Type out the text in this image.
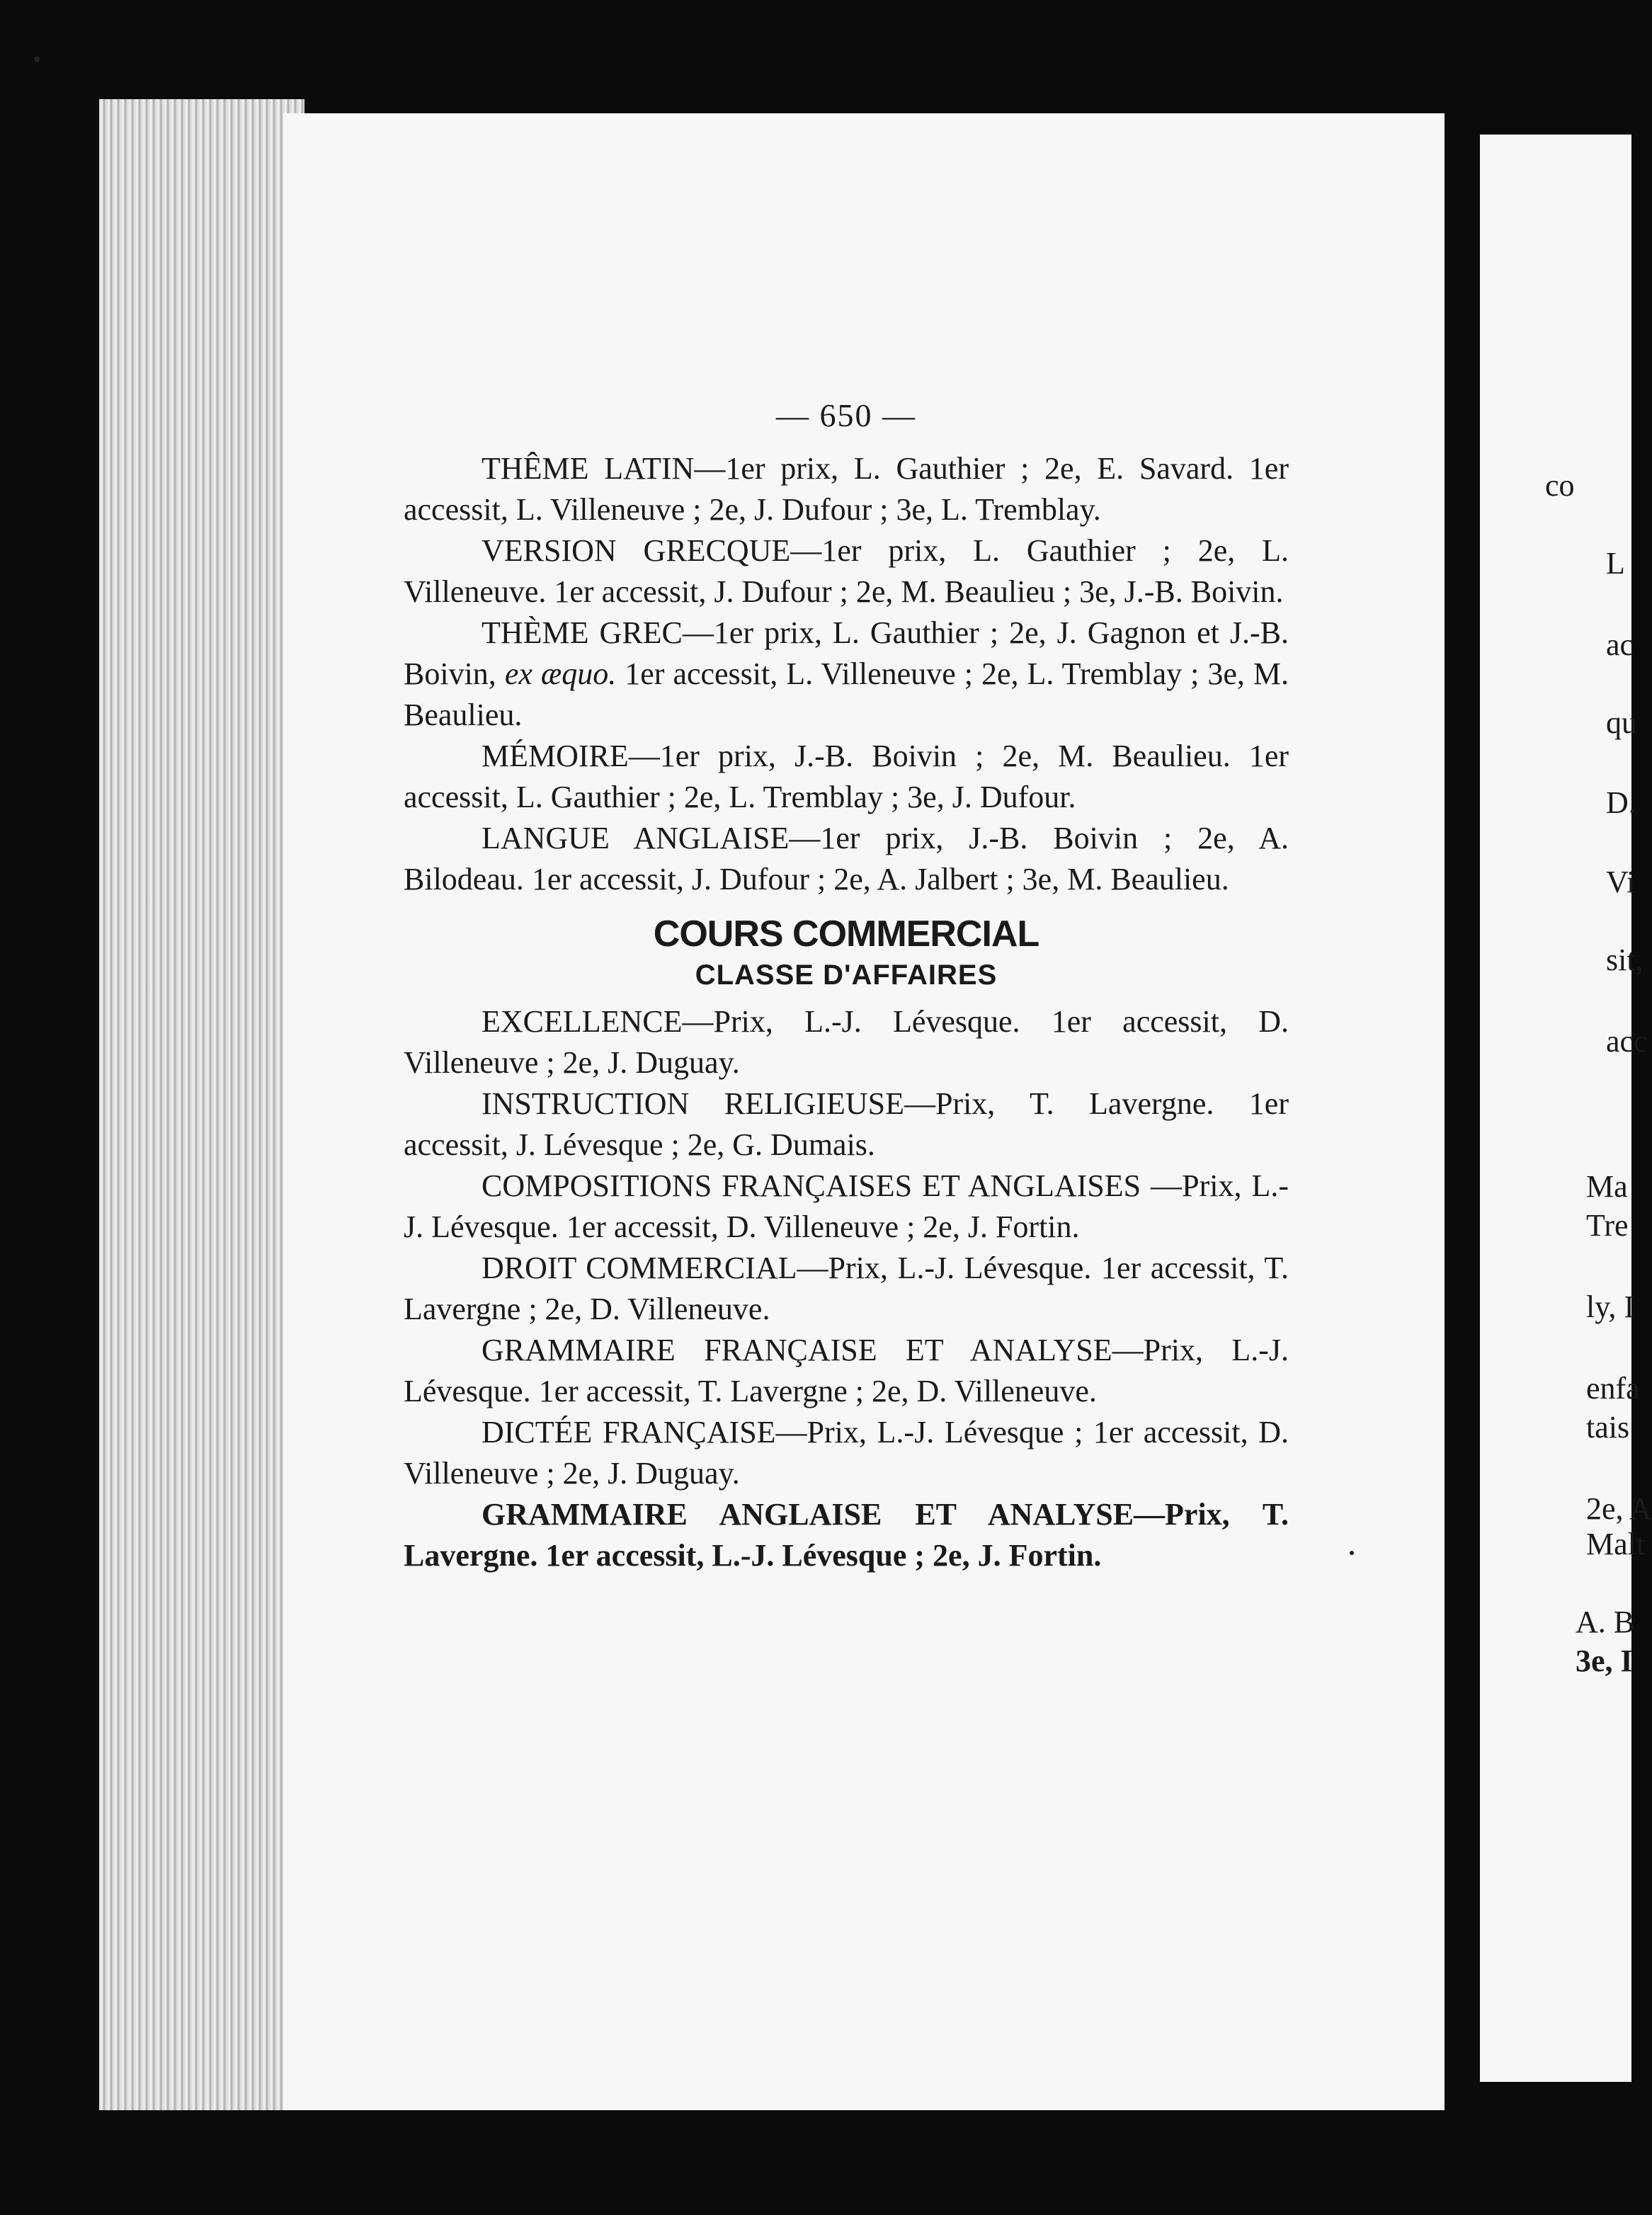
co
L
ac
qu
D.
Vi
sit,
acc
Ma
Tre
ly, I
enfa
tais
2e, A
Malt
A. B
3e, I
— 650 —

THÊME LATIN—1er prix, L. Gauthier ; 2e, E. Savard. 1er accessit, L. Villeneuve ; 2e, J. Dufour ; 3e, L. Tremblay.

VERSION GRECQUE—1er prix, L. Gauthier ; 2e, L. Villeneuve. 1er accessit, J. Dufour ; 2e, M. Beaulieu ; 3e, J.-B. Boivin.

THÈME GREC—1er prix, L. Gauthier ; 2e, J. Gagnon et J.-B. Boivin, ex æquo. 1er accessit, L. Villeneuve ; 2e, L. Tremblay ; 3e, M. Beaulieu.

MÉMOIRE—1er prix, J.-B. Boivin ; 2e, M. Beaulieu. 1er accessit, L. Gauthier ; 2e, L. Tremblay ; 3e, J. Dufour.

LANGUE ANGLAISE—1er prix, J.-B. Boivin ; 2e, A. Bilodeau. 1er accessit, J. Dufour ; 2e, A. Jalbert ; 3e, M. Beaulieu.

COURS COMMERCIAL
CLASSE D'AFFAIRES

EXCELLENCE—Prix, L.-J. Lévesque. 1er accessit, D. Villeneuve ; 2e, J. Duguay.

INSTRUCTION RELIGIEUSE—Prix, T. Lavergne. 1er accessit, J. Lévesque ; 2e, G. Dumais.

COMPOSITIONS FRANÇAISES ET ANGLAISES —Prix, L.-J. Lévesque. 1er accessit, D. Villeneuve ; 2e, J. Fortin.

DROIT COMMERCIAL—Prix, L.-J. Lévesque. 1er accessit, T. Lavergne ; 2e, D. Villeneuve.

GRAMMAIRE FRANÇAISE ET ANALYSE—Prix, L.-J. Lévesque. 1er accessit, T. Lavergne ; 2e, D. Villeneuve.

DICTÉE FRANÇAISE—Prix, L.-J. Lévesque ; 1er accessit, D. Villeneuve ; 2e, J. Duguay.

GRAMMAIRE ANGLAISE ET ANALYSE—Prix, T. Lavergne. 1er accessit, L.-J. Lévesque ; 2e, J. Fortin.
